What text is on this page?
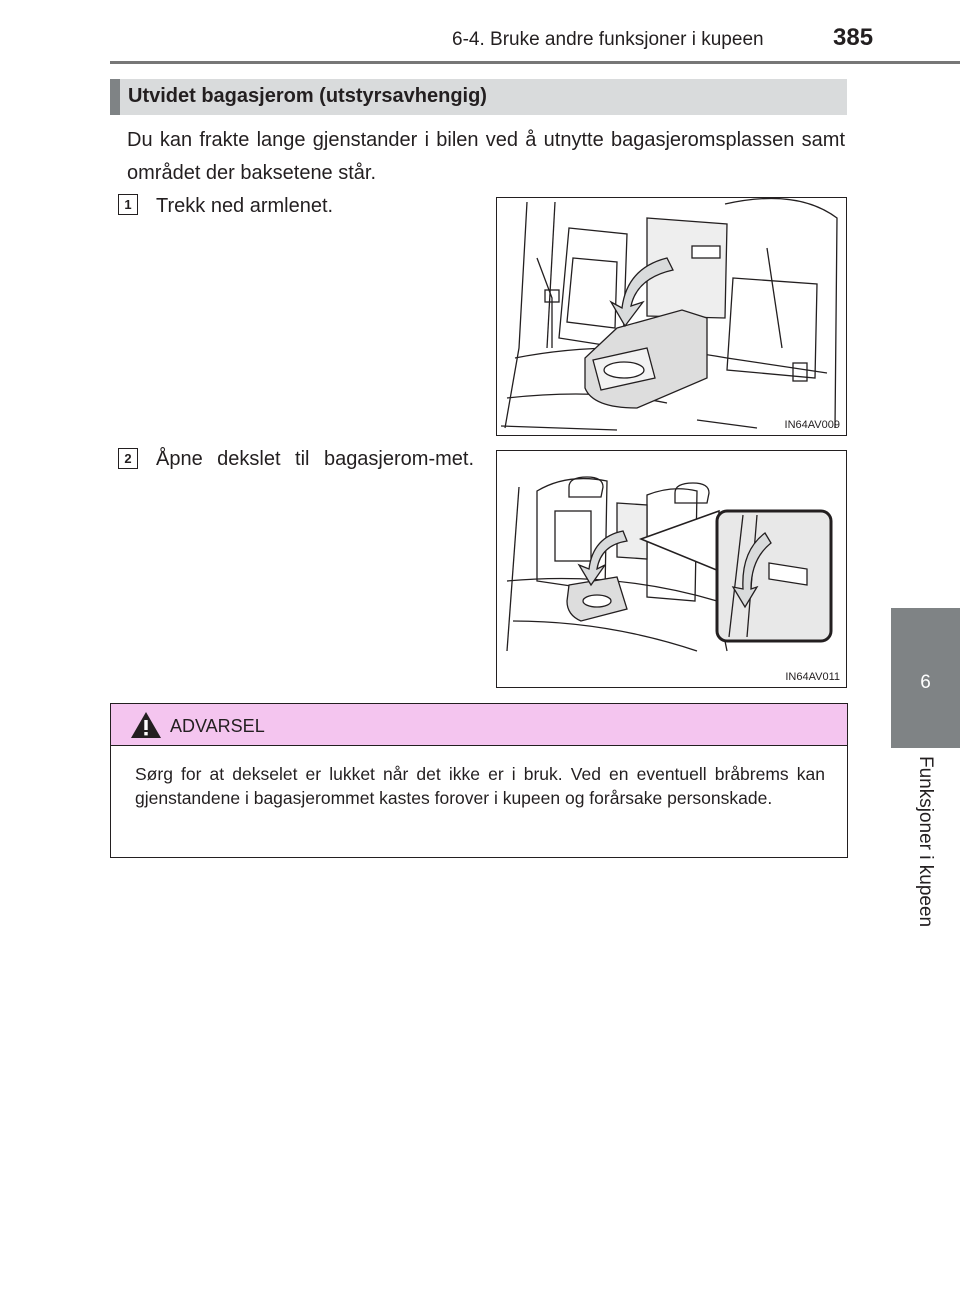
6-4. Bruke andre funksjoner i kupeen	385
6
Funksjoner i kupeen
Utvidet bagasjerom (utstyrsavhengig)

Du kan frakte lange gjenstander i bilen ved å utnytte bagasjeromsplassen samt området der baksetene står.

1	Trekk ned armlenet.

IN64AV009
2	Åpne dekslet til bagasjerom-met.

IN64AV011
ADVARSEL

Sørg for at dekselet er lukket når det ikke er i bruk. Ved en eventuell bråbrems kan gjenstandene i bagasjerommet kastes forover i kupeen og forårsake personskade.
